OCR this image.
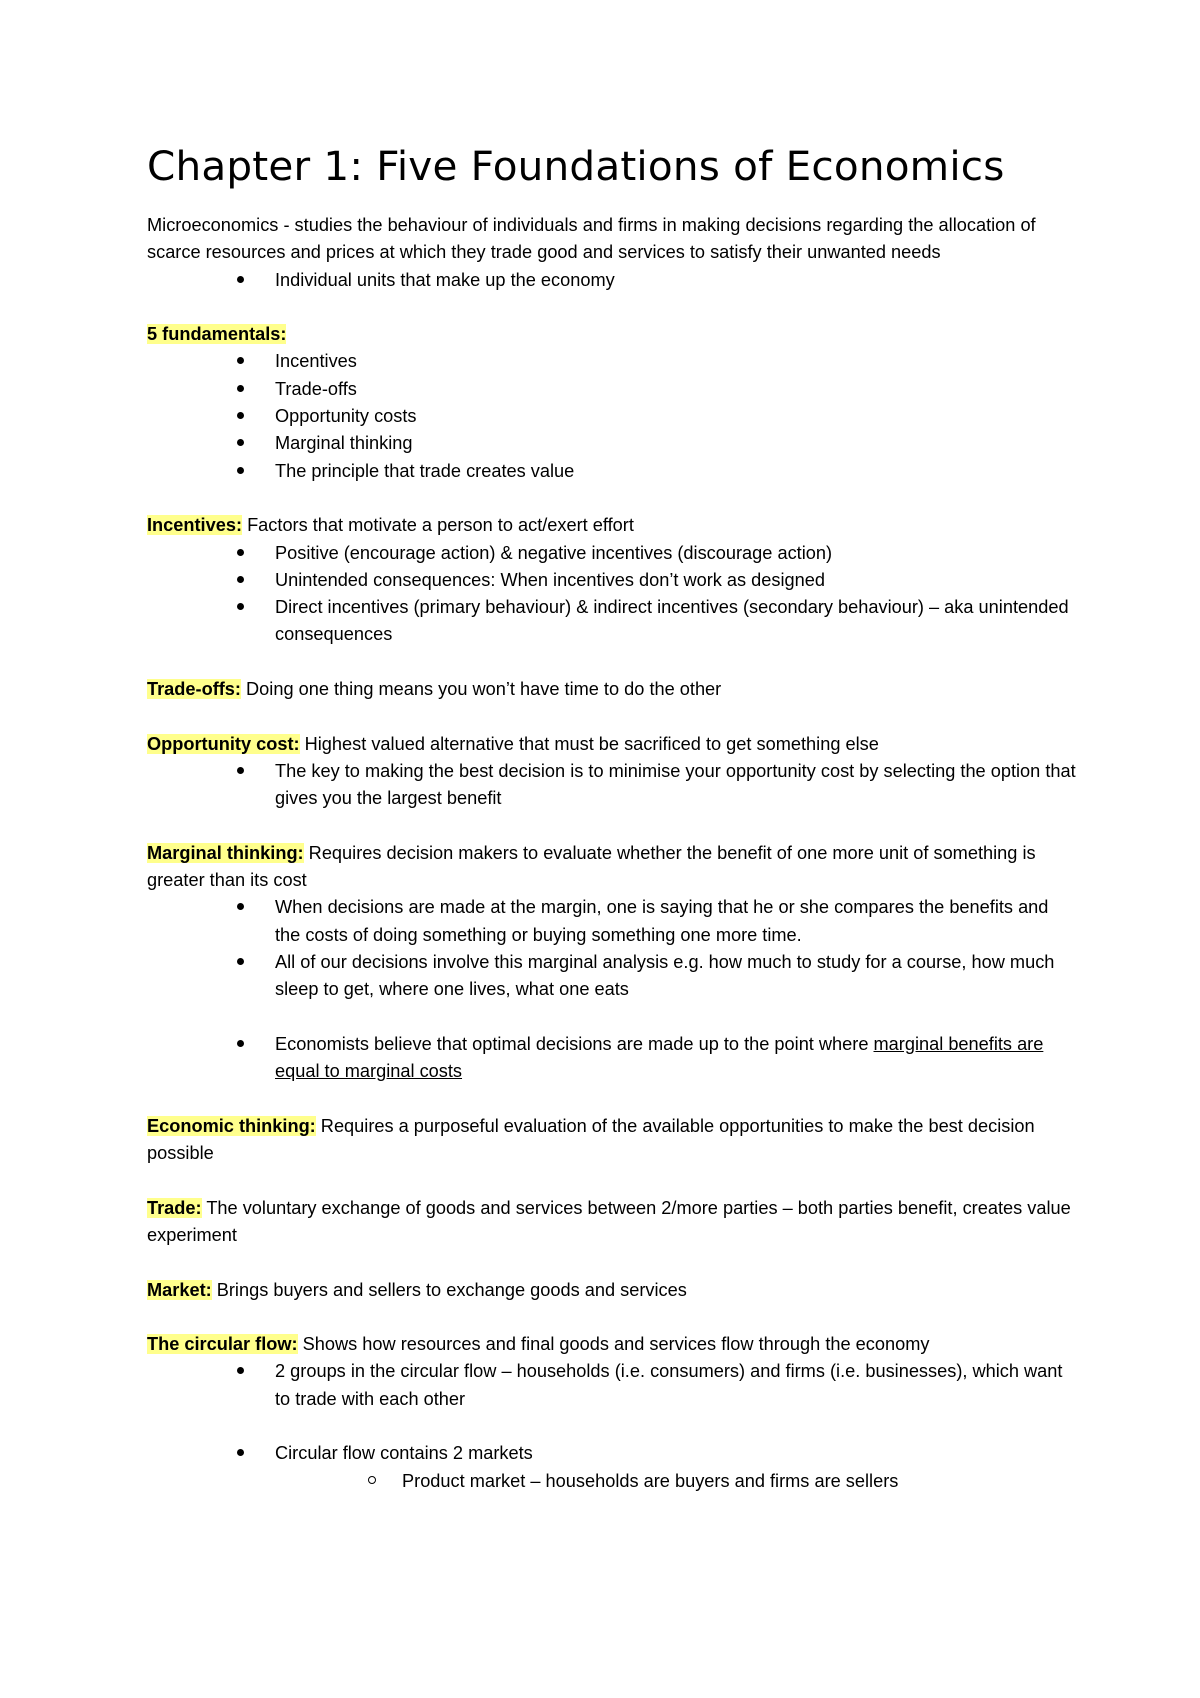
Chapter 1: Five Foundations of Economics

Microeconomics - studies the behaviour of individuals and firms in making decisions regarding the allocation of scarce resources and prices at which they trade good and services to satisfy their unwanted needs

Individual units that make up the economy

5 fundamentals:

Incentives
Trade-offs
Opportunity costs
Marginal thinking
The principle that trade creates value

Incentives: Factors that motivate a person to act/exert effort

Positive (encourage action) & negative incentives (discourage action)
Unintended consequences: When incentives don’t work as designed
Direct incentives (primary behaviour) & indirect incentives (secondary behaviour) – aka unintended consequences

Trade-offs: Doing one thing means you won’t have time to do the other

Opportunity cost: Highest valued alternative that must be sacrificed to get something else

The key to making the best decision is to minimise your opportunity cost by selecting the option that gives you the largest benefit

Marginal thinking: Requires decision makers to evaluate whether the benefit of one more unit of something is greater than its cost

When decisions are made at the margin, one is saying that he or she compares the benefits and the costs of doing something or buying something one more time.
All of our decisions involve this marginal analysis e.g. how much to study for a course, how much sleep to get, where one lives, what one eats
Economists believe that optimal decisions are made up to the point where marginal benefits are equal to marginal costs

Economic thinking: Requires a purposeful evaluation of the available opportunities to make the best decision possible

Trade: The voluntary exchange of goods and services between 2/more parties – both parties benefit, creates value experiment

Market: Brings buyers and sellers to exchange goods and services

The circular flow: Shows how resources and final goods and services flow through the economy

2 groups in the circular flow – households (i.e. consumers) and firms (i.e. businesses), which want to trade with each other
Circular flow contains 2 markets
Product market – households are buyers and firms are sellers
